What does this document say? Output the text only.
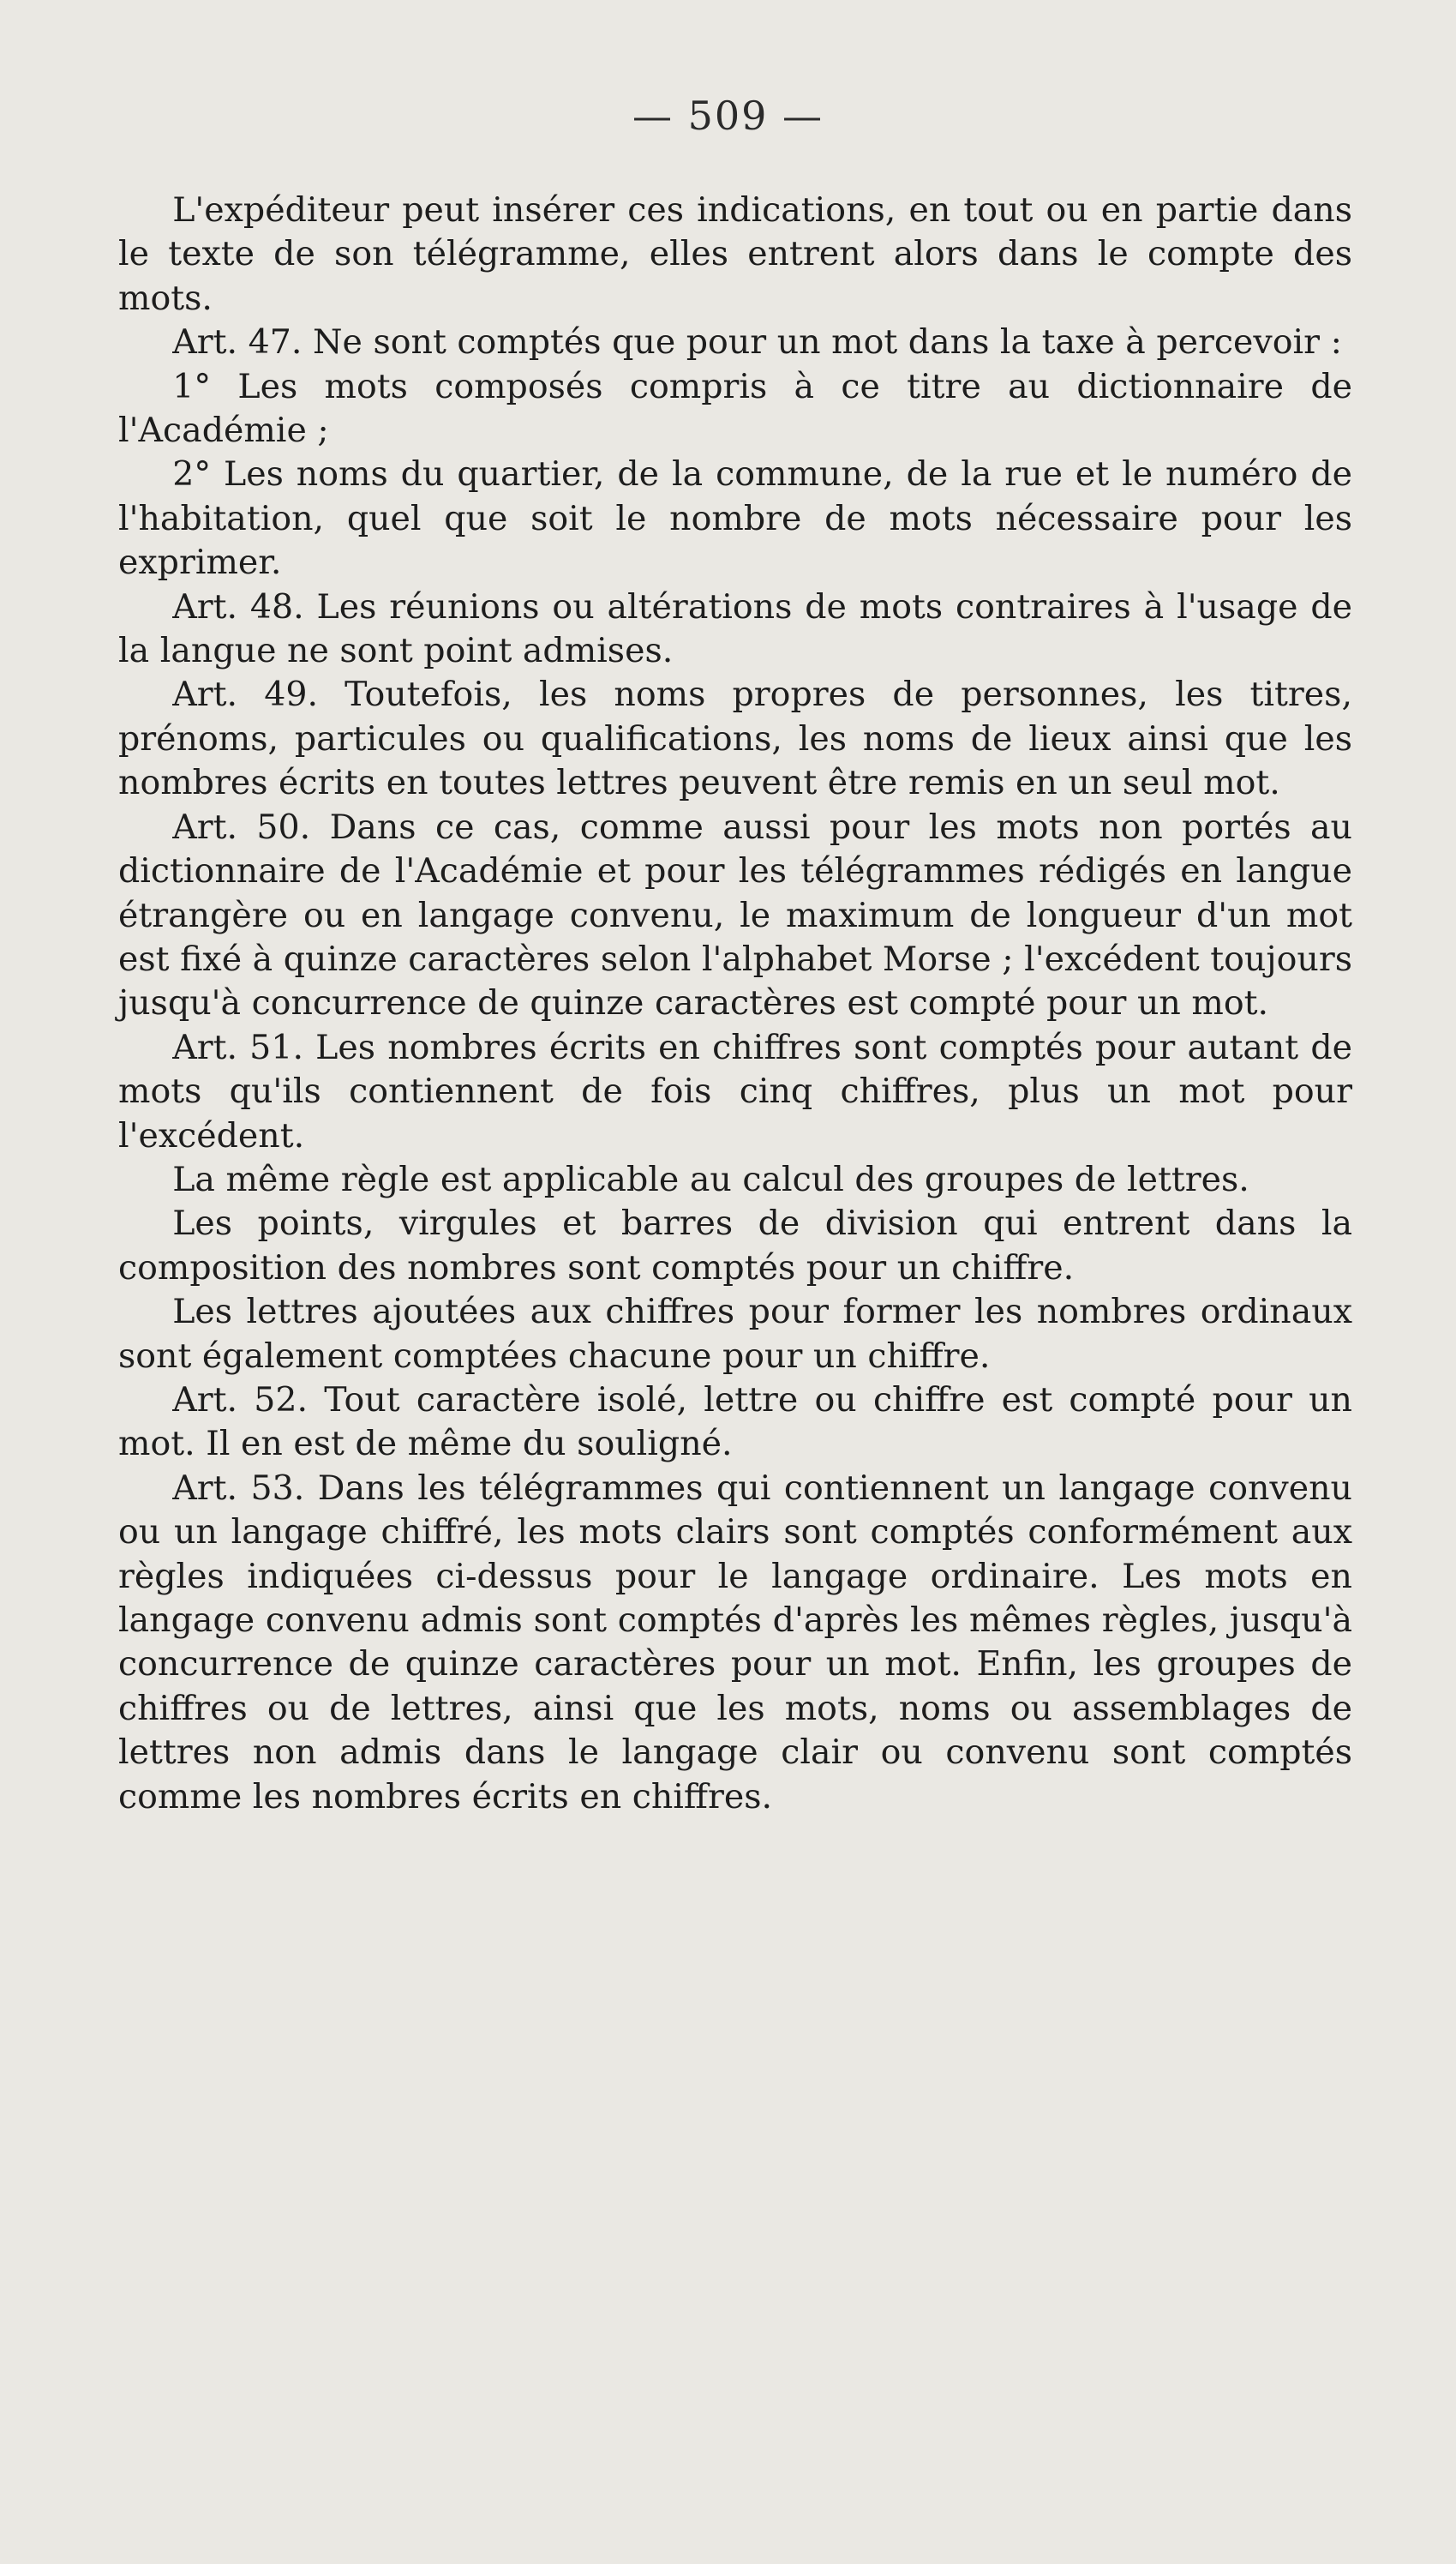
— 509 —

L'expéditeur peut insérer ces indications, en tout ou en partie dans le texte de son télégramme, elles entrent alors dans le compte des mots.

Art. 47. Ne sont comptés que pour un mot dans la taxe à percevoir :

1° Les mots composés compris à ce titre au dictionnaire de l'Académie ;

2° Les noms du quartier, de la commune, de la rue et le numéro de l'habitation, quel que soit le nombre de mots nécessaire pour les exprimer.

Art. 48. Les réunions ou altérations de mots contraires à l'usage de la langue ne sont point admises.

Art. 49. Toutefois, les noms propres de personnes, les titres, prénoms, particules ou qualifications, les noms de lieux ainsi que les nombres écrits en toutes lettres peuvent être remis en un seul mot.

Art. 50. Dans ce cas, comme aussi pour les mots non portés au dictionnaire de l'Académie et pour les télégrammes rédigés en langue étrangère ou en langage convenu, le maximum de longueur d'un mot est fixé à quinze caractères selon l'alphabet Morse ; l'excédent toujours jusqu'à concurrence de quinze caractères est compté pour un mot.

Art. 51. Les nombres écrits en chiffres sont comptés pour autant de mots qu'ils contiennent de fois cinq chiffres, plus un mot pour l'excédent.

La même règle est applicable au calcul des groupes de lettres.

Les points, virgules et barres de division qui entrent dans la composition des nombres sont comptés pour un chiffre.

Les lettres ajoutées aux chiffres pour former les nombres ordinaux sont également comptées chacune pour un chiffre.

Art. 52. Tout caractère isolé, lettre ou chiffre est compté pour un mot. Il en est de même du souligné.

Art. 53. Dans les télégrammes qui contiennent un langage convenu ou un langage chiffré, les mots clairs sont comptés conformément aux règles indiquées ci-dessus pour le langage ordinaire. Les mots en langage convenu admis sont comptés d'après les mêmes règles, jusqu'à concurrence de quinze caractères pour un mot. Enfin, les groupes de chiffres ou de lettres, ainsi que les mots, noms ou assemblages de lettres non admis dans le langage clair ou convenu sont comptés comme les nombres écrits en chiffres.
